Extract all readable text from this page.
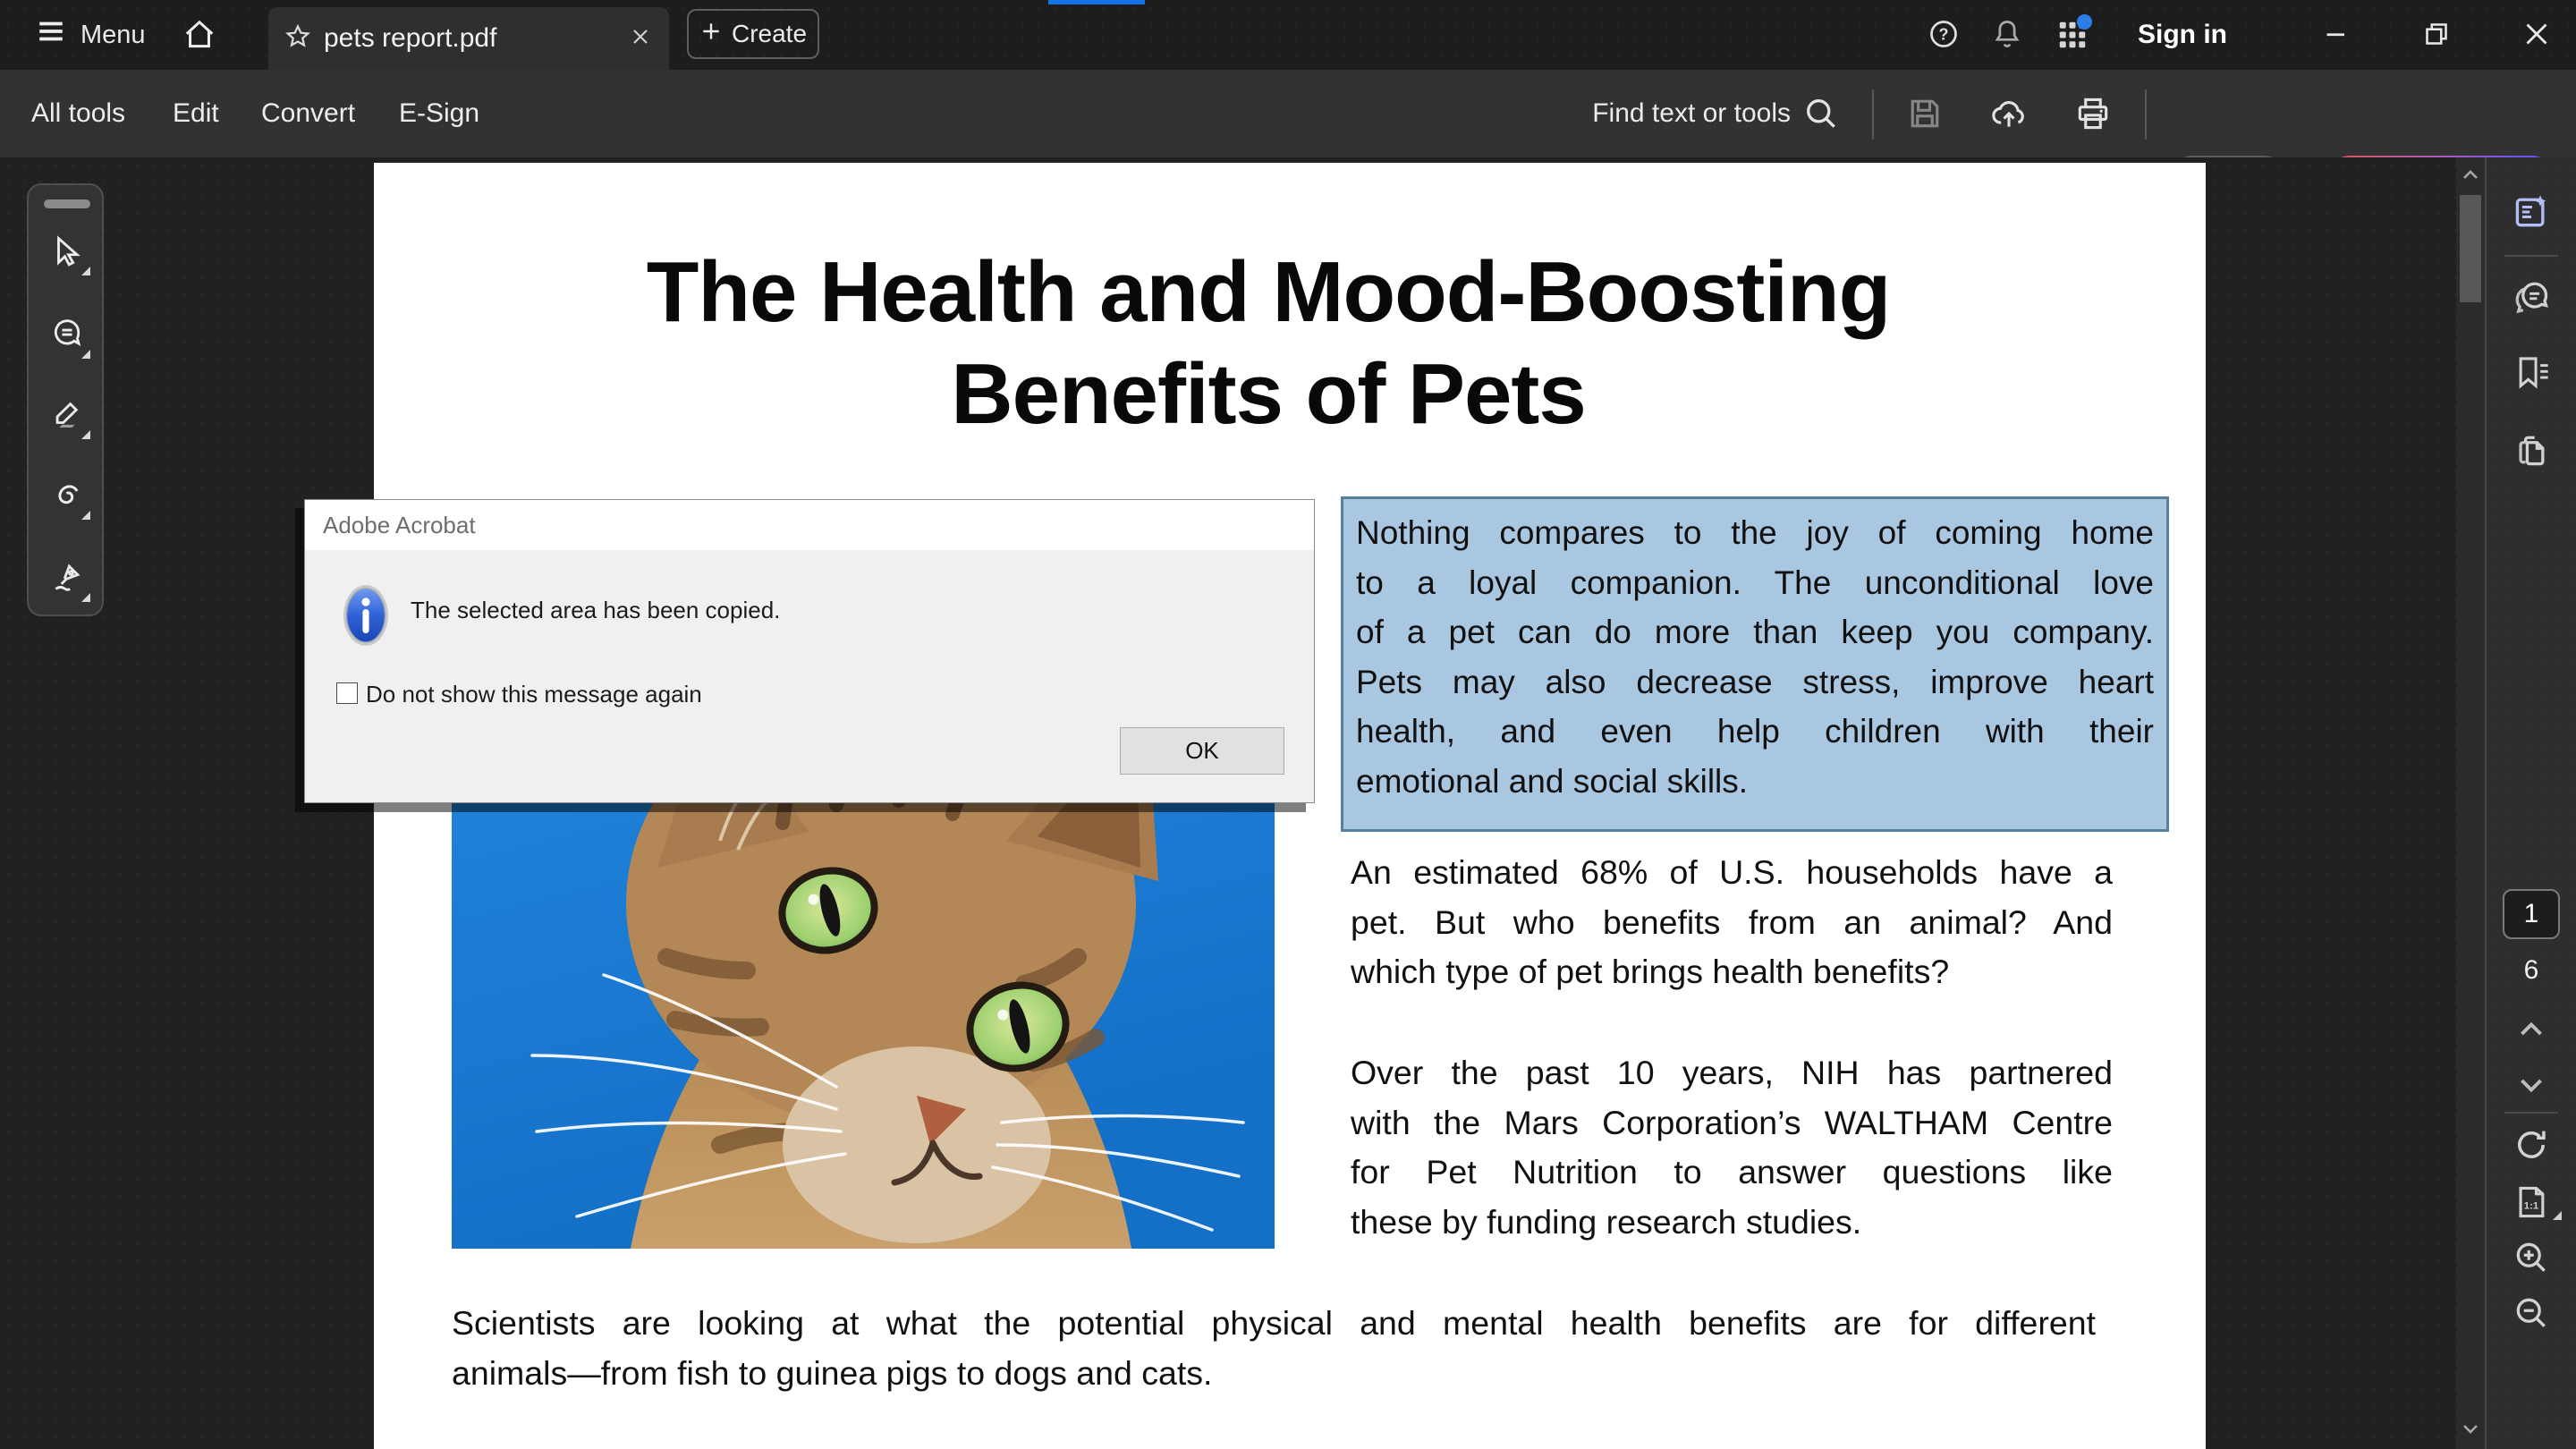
Menu	pets report.pdf	Create	?	Sign in
All tools Edit Convert E-Sign	Find text or tools
The Health and Mood-Boosting
Benefits of Pets
Nothing compares to the joy of coming home
to a loyal companion. The unconditional love
of a pet can do more than keep you company.
Pets may also decrease stress, improve heart
health, and even help children with their
emotional and social skills.
An estimated 68% of U.S. households have a
pet. But who benefits from an animal? And
which type of pet brings health benefits?
Over the past 10 years, NIH has partnered
with the Mars Corporation’s WALTHAM Centre
for Pet Nutrition to answer questions like
these by funding research studies.
Scientists are looking at what the potential physical and mental health benefits are for different
animals—from fish to guinea pigs to dogs and cats.
Adobe Acrobat
The selected area has been copied.
Do not show this message again
OK
1
6
1:1
